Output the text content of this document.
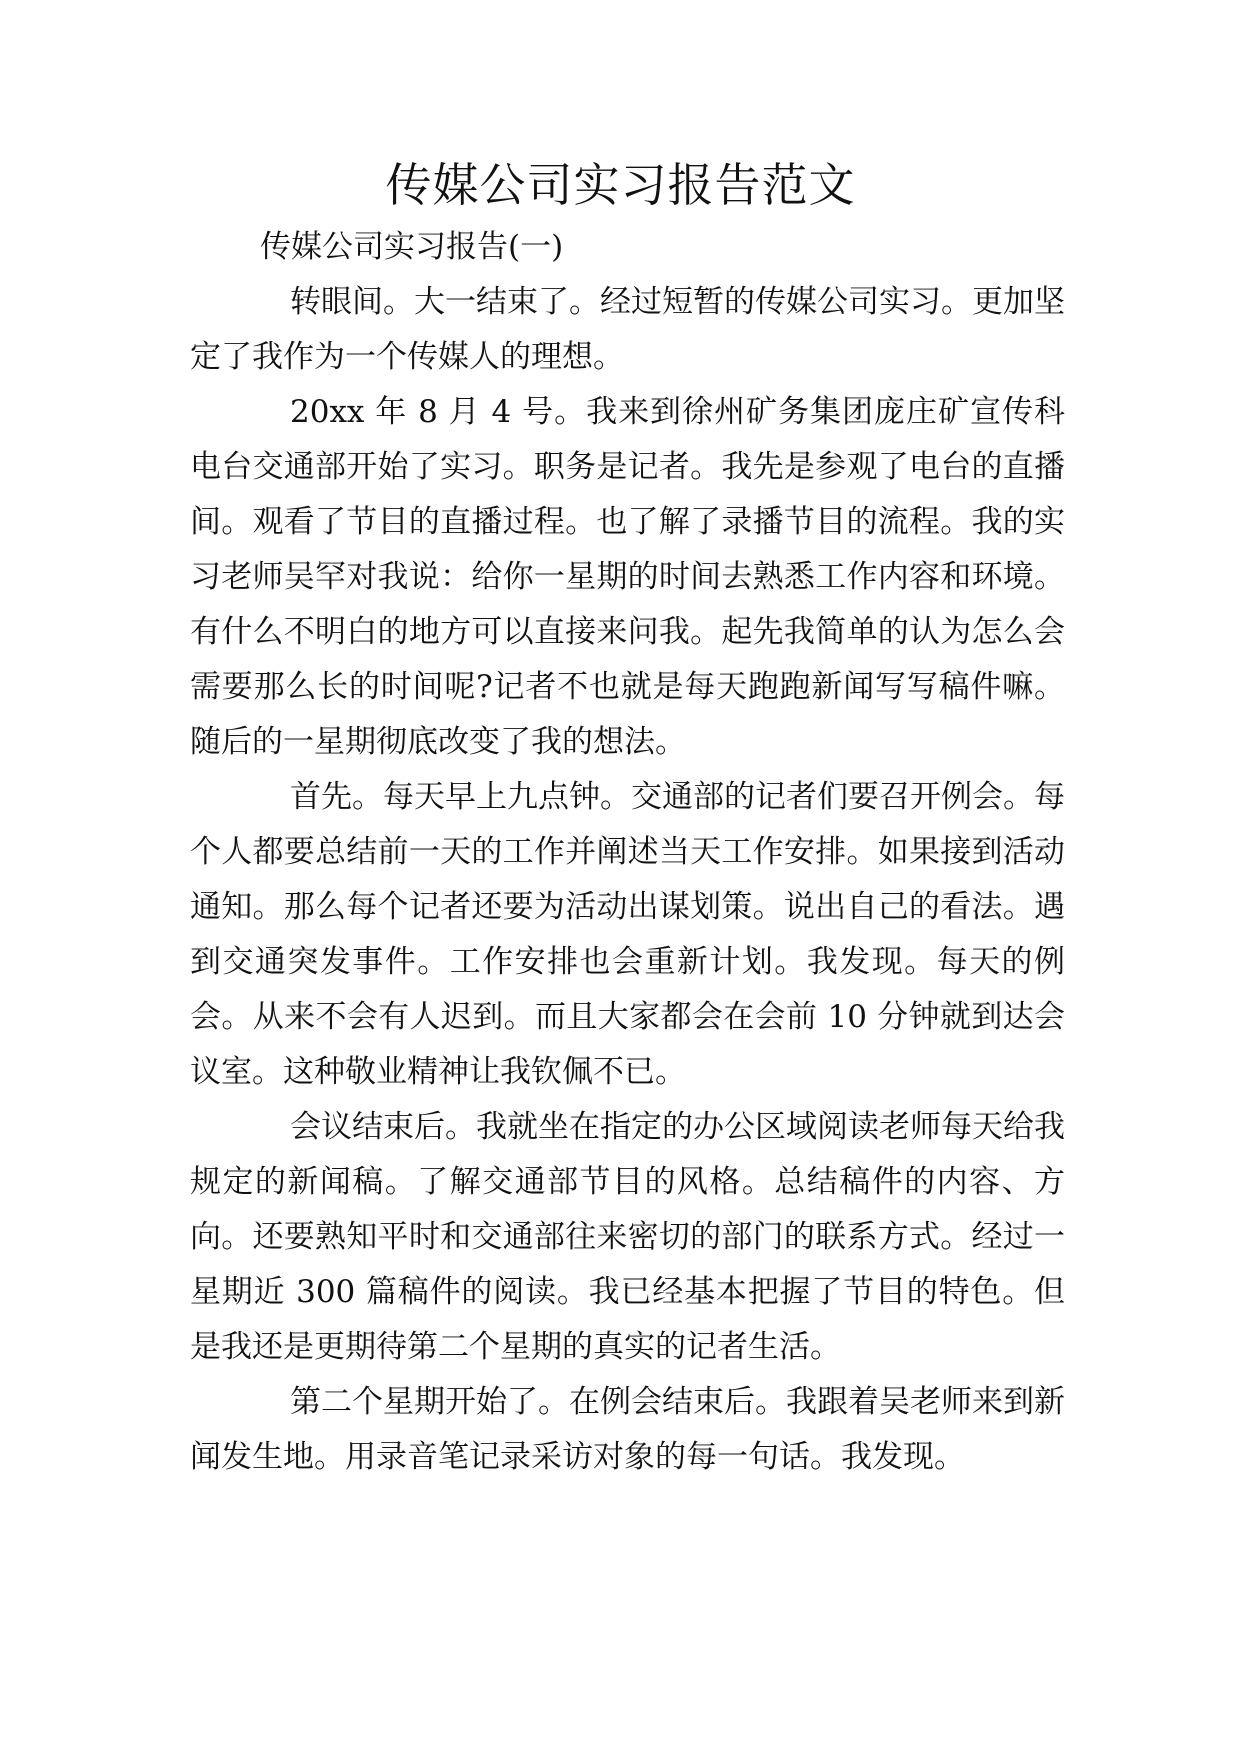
传媒公司实习报告范文

传媒公司实习报告(一)

转眼间。大一结束了。经过短暂的传媒公司实习。更加坚定了我作为一个传媒人的理想。

20xx 年 8 月 4 号。我来到徐州矿务集团庞庄矿宣传科电台交通部开始了实习。职务是记者。我先是参观了电台的直播间。观看了节目的直播过程。也了解了录播节目的流程。我的实习老师吴罕对我说：给你一星期的时间去熟悉工作内容和环境。有什么不明白的地方可以直接来问我。起先我简单的认为怎么会需要那么长的时间呢?记者不也就是每天跑跑新闻写写稿件嘛。随后的一星期彻底改变了我的想法。

首先。每天早上九点钟。交通部的记者们要召开例会。每个人都要总结前一天的工作并阐述当天工作安排。如果接到活动通知。那么每个记者还要为活动出谋划策。说出自己的看法。遇到交通突发事件。工作安排也会重新计划。我发现。每天的例会。从来不会有人迟到。而且大家都会在会前 10 分钟就到达会议室。这种敬业精神让我钦佩不已。

会议结束后。我就坐在指定的办公区域阅读老师每天给我规定的新闻稿。了解交通部节目的风格。总结稿件的内容、方向。还要熟知平时和交通部往来密切的部门的联系方式。经过一星期近 300 篇稿件的阅读。我已经基本把握了节目的特色。但是我还是更期待第二个星期的真实的记者生活。

第二个星期开始了。在例会结束后。我跟着吴老师来到新闻发生地。用录音笔记录采访对象的每一句话。我发现。
